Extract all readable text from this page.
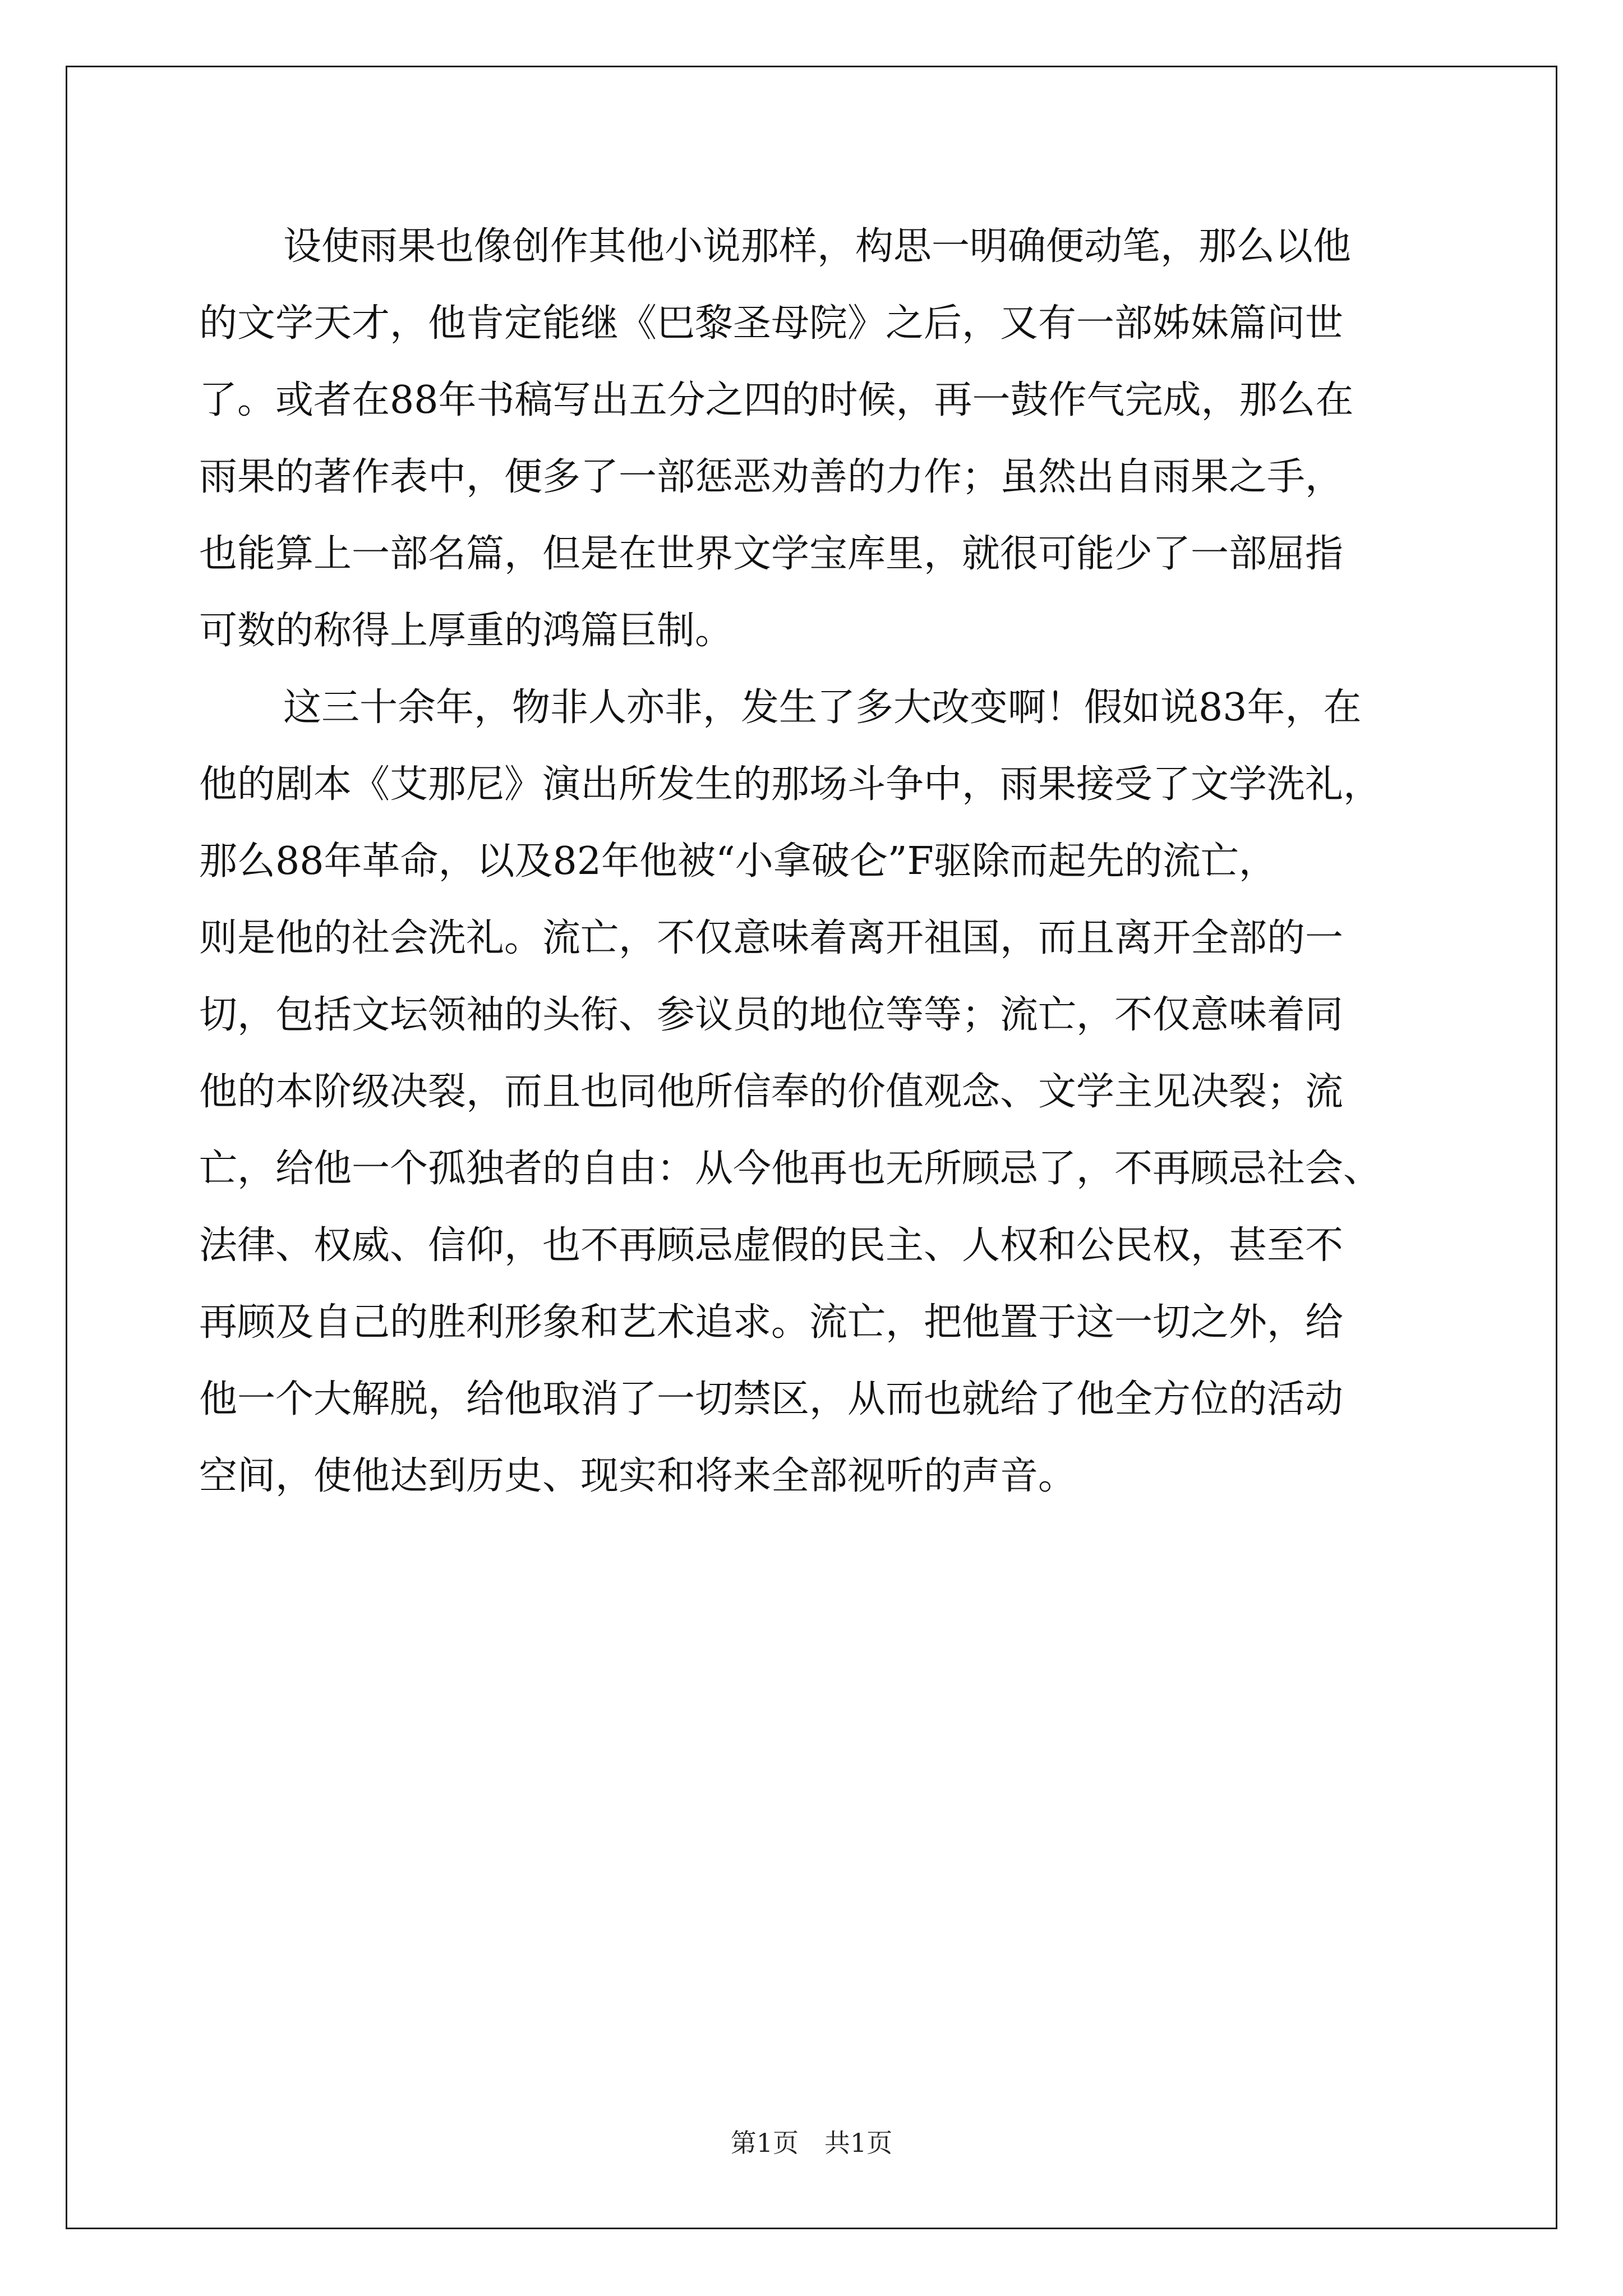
设使雨果也像创作其他小说那样，构思一明确便动笔，那么以他
的文学天才，他肯定能继《巴黎圣母院》之后，又有一部姊妹篇问世
了。或者在88年书稿写出五分之四的时候，再一鼓作气完成，那么在
雨果的著作表中，便多了一部惩恶劝善的力作；虽然出自雨果之手，
也能算上一部名篇，但是在世界文学宝库里，就很可能少了一部屈指
可数的称得上厚重的鸿篇巨制。
这三十余年，物非人亦非，发生了多大改变啊！假如说83年，在
他的剧本《艾那尼》演出所发生的那场斗争中，雨果接受了文学洗礼，
那么88年革命，以及82年他被“小拿破仑”F驱除而起先的流亡，
则是他的社会洗礼。流亡，不仅意味着离开祖国，而且离开全部的一
切，包括文坛领袖的头衔、参议员的地位等等；流亡，不仅意味着同
他的本阶级决裂，而且也同他所信奉的价值观念、文学主见决裂；流
亡，给他一个孤独者的自由：从今他再也无所顾忌了，不再顾忌社会、
法律、权威、信仰，也不再顾忌虚假的民主、人权和公民权，甚至不
再顾及自己的胜利形象和艺术追求。流亡，把他置于这一切之外，给
他一个大解脱，给他取消了一切禁区，从而也就给了他全方位的活动
空间，使他达到历史、现实和将来全部视听的声音。
第1页　共1页
